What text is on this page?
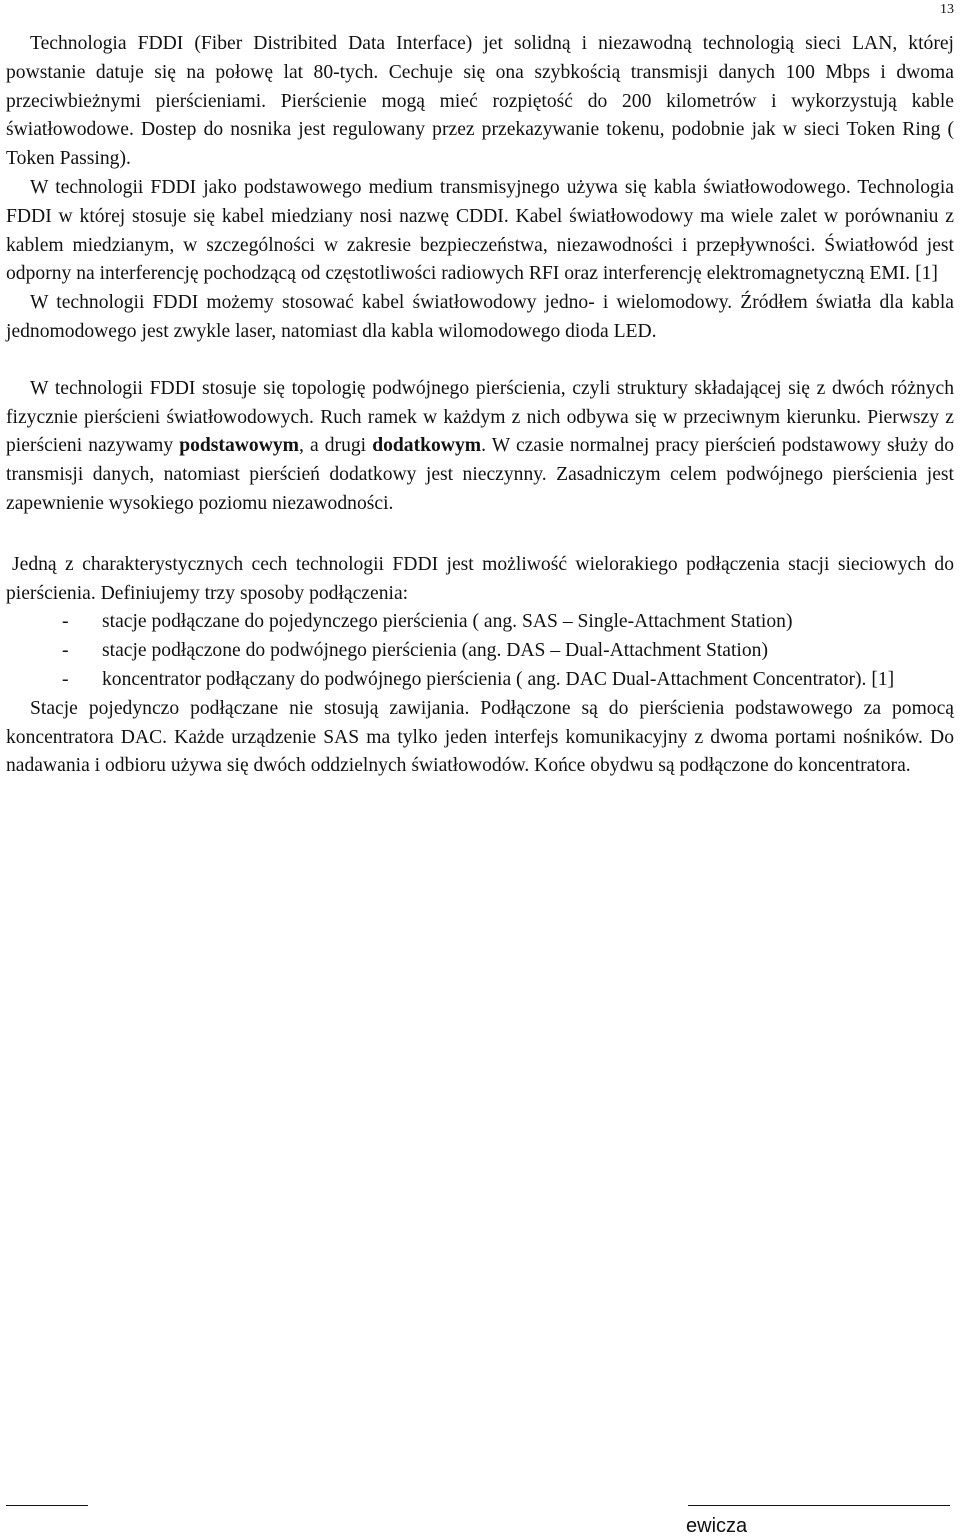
13

Technologia FDDI (Fiber Distribited Data Interface) jet solidną i niezawodną technologią sieci LAN, której powstanie datuje się na połowę lat 80-tych. Cechuje się ona szybkością transmisji danych 100 Mbps i dwoma przeciwbieżnymi pierścieniami. Pierścienie mogą mieć rozpiętość do 200 kilometrów i wykorzystują kable światłowodowe. Dostep do nosnika jest regulowany przez przekazywanie tokenu, podobnie jak w sieci Token Ring ( Token Passing).

W technologii FDDI jako podstawowego medium transmisyjnego używa się kabla światłowodowego. Technologia FDDI w której stosuje się kabel miedziany nosi nazwę CDDI. Kabel światłowodowy ma wiele zalet w porównaniu z kablem miedzianym, w szczególności w zakresie bezpieczeństwa, niezawodności i przepływności. Światłowód jest odporny na interferencję pochodzącą od częstotliwości radiowych RFI oraz interferencję elektromagnetyczną EMI. [1]

W technologii FDDI możemy stosować kabel światłowodowy jedno- i wielomodowy. Źródłem światła dla kabla jednomodowego jest zwykle laser, natomiast dla kabla wilomodowego dioda LED.

W technologii FDDI stosuje się topologię podwójnego pierścienia, czyli struktury składającej się z dwóch różnych fizycznie pierścieni światłowodowych. Ruch ramek w każdym z nich odbywa się w przeciwnym kierunku. Pierwszy z pierścieni nazywamy podstawowym, a drugi dodatkowym. W czasie normalnej pracy pierścień podstawowy służy do transmisji danych, natomiast pierścień dodatkowy jest nieczynny. Zasadniczym celem podwójnego pierścienia jest zapewnienie wysokiego poziomu niezawodności.

Jedną z charakterystycznych cech technologii FDDI jest możliwość wielorakiego podłączenia stacji sieciowych do pierścienia. Definiujemy trzy sposoby podłączenia:

- stacje podłączane do pojedynczego pierścienia ( ang. SAS – Single-Attachment Station)
- stacje podłączone do podwójnego pierścienia (ang. DAS – Dual-Attachment Station)
- koncentrator podłączany do podwójnego pierścienia ( ang. DAC Dual-Attachment Concentrator). [1]

Stacje pojedynczo podłączane nie stosują zawijania. Podłączone są do pierścienia podstawowego za pomocą koncentratora DAC. Każde urządzenie SAS ma tylko jeden interfejs komunikacyjny z dwoma portami nośników. Do nadawania i odbioru używa się dwóch oddzielnych światłowodów. Końce obydwu są podłączone do koncentratora.

ewicza
